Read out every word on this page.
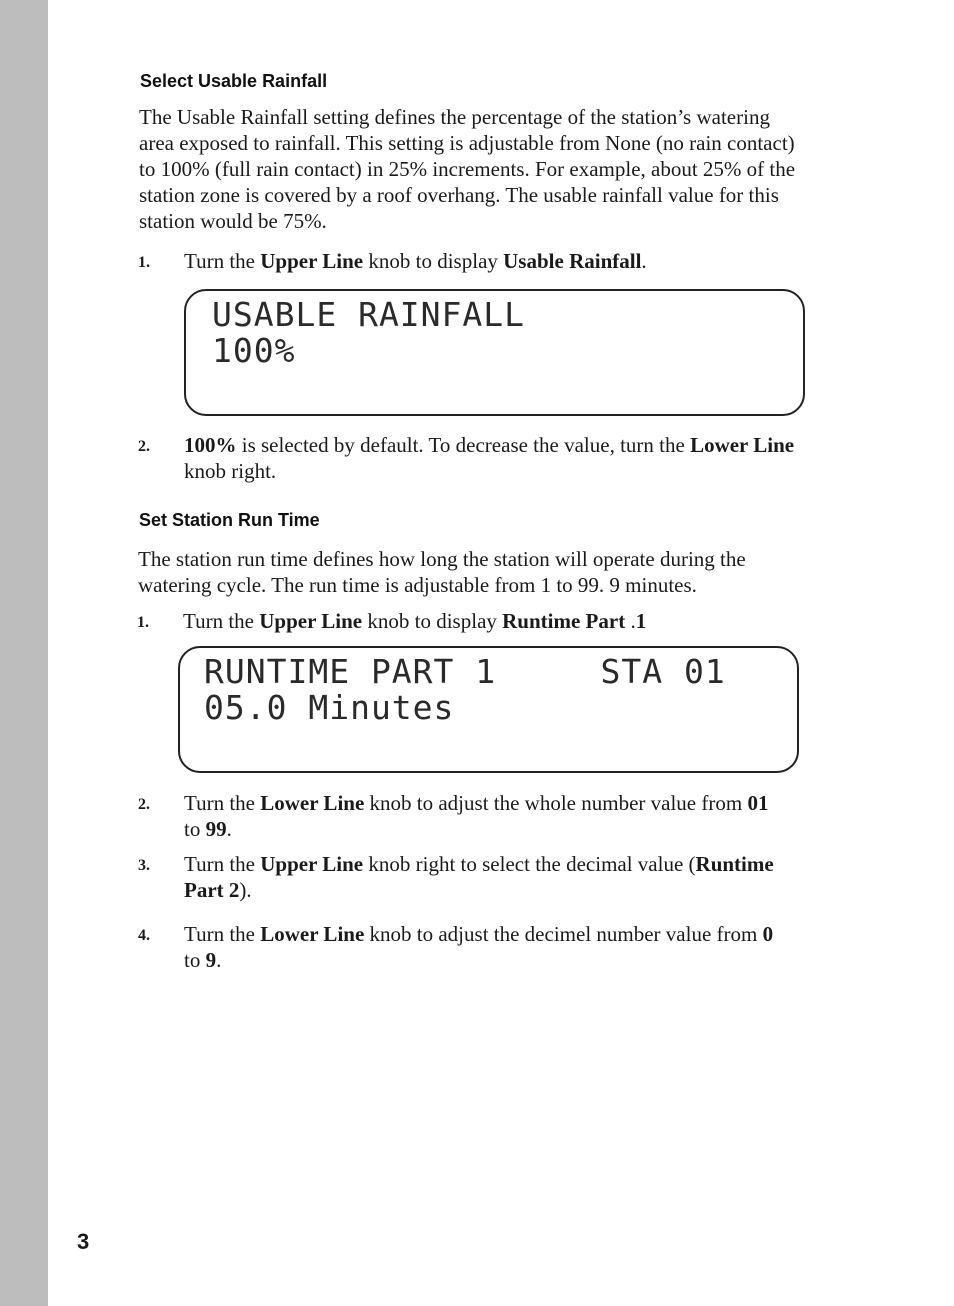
Select Usable Rainfall

The Usable Rainfall setting defines the percentage of the station’s watering area exposed to rainfall. This setting is adjustable from None (no rain contact) to 100% (full rain contact) in 25% increments. For example, about 25% of the station zone is covered by a roof overhang. The usable rainfall value for this station would be 75%.

1. Turn the Upper Line knob to display Usable Rainfall.
USABLE RAINFALL
100%
2. 100% is selected by default. To decrease the value, turn the Lower Line knob right.
Set Station Run Time

The station run time defines how long the station will operate during the watering cycle. The run time is adjustable from 1 to 99. 9 minutes.

1. Turn the Upper Line knob to display Runtime Part .1
RUNTIME PART 1     STA 01
05.0 Minutes
2. Turn the Lower Line knob to adjust the whole number value from 01 to 99.
3. Turn the Upper Line knob right to select the decimal value (Runtime Part 2).
4. Turn the Lower Line knob to adjust the decimel number value from 0 to 9.
3
